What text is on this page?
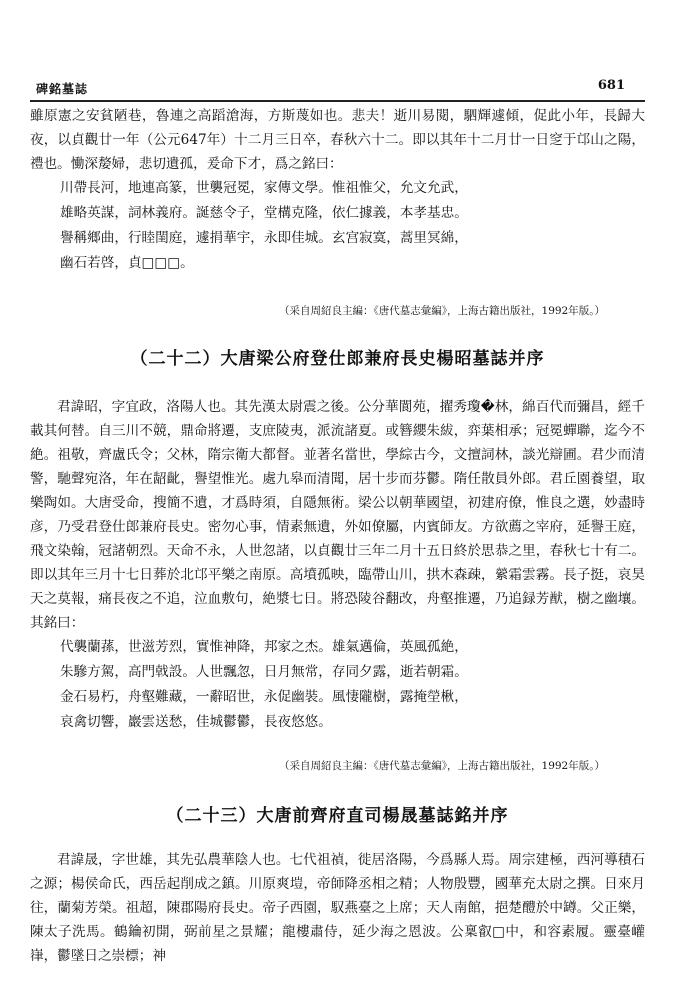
碑銘墓誌	681

雖原憲之安貧陋巷，魯連之高蹈滄海，方斯蔑如也。悲夫！逝川易閱，駟輝遽傾，促此小年，長歸大夜，以貞觀廿一年（公元647年）十二月三日卒，春秋六十二。即以其年十二月廿一日窆于邙山之陽，禮也。慟深嫠婦，悲切遺孤，爰命下才，爲之銘曰：

川帶長河，地連高篆，世襲冠冕，家傳文學。惟祖惟父，允文允武，
雄略英謀，詞林義府。誕慈令子，堂構克隆，依仁據義，本孝基忠。
譽稱鄉曲，行睦閨庭，遽捐華宇，永即佳城。玄宫寂寞，蒿里冥綿，
幽石若啓，貞□□□。

（采自周紹良主編：《唐代墓志彙編》，上海古籍出版社，1992年版。）

（二十二）大唐梁公府登仕郎兼府長史楊昭墓誌并序

君諱昭，字宜政，洛陽人也。其先漢太尉震之後。公分華閬苑，擢秀瓊�林，綿百代而彌昌，經千載其何替。自三川不競，鼎命將遷，支庶陵夷，派流諸夏。或簪纓朱紱，弈葉相承；冠冕蟬聯，迄今不絶。祖敬，齊盧氏令；父林，隋宗衛大都督。並著名當世，學綜古今，文擅詞林，談光辯圃。君少而清警，馳聲宛洛，年在龆齔，譽望惟光。處九皋而清聞，居十步而芬鬱。隋任散員外郎。君丘園養望，取樂陶如。大唐受命，搜簡不遺，才爲時須，自隱無術。梁公以朝華國望，初建府僚，惟良之選，妙盡時彦，乃受君登仕郎兼府長史。密勿心事，情素無遺，外如僚屬，内賓師友。方欲薦之宰府，延譽王庭，飛文染翰，冠諸朝烈。天命不永，人世忽諸，以貞觀廿三年二月十五日終於思恭之里，春秋七十有二。即以其年三月十七日葬於北邙平樂之南原。高墳孤映，臨帶山川，拱木森疎，縈霜雲霧。長子挺，哀昊天之莫報，痛長夜之不追，泣血敷句，絶漿七日。將恐陵谷翻改，舟壑推遷，乃追録芳猷，樹之幽壤。其銘曰：

代襲蘭蓀，世滋芳烈，實惟神降，邦家之杰。雄氣邁倫，英風孤絶，
朱驂方駕，高門戟設。人世飄忽，日月無常，存同夕露，逝若朝霜。
金石易朽，舟壑難藏，一辭昭世，永促幽裝。風悽隴樹，露掩塋楸，
哀禽切響，巖雲送愁，佳城鬱鬱，長夜悠悠。

（采自周紹良主編：《唐代墓志彙編》，上海古籍出版社，1992年版。）

（二十三）大唐前齊府直司楊晟墓誌銘并序

君諱晟，字世雄，其先弘農華陰人也。七代祖禎，徙居洛陽，今爲縣人焉。周宗建極，西河導積石之源；楊侯命氏，西岳起削成之鎮。川原爽塏，帝師降丞相之精；人物殷豐，國華充太尉之撰。日來月往，蘭菊芳榮。祖超，陳郡陽府長史。帝子西園，馭燕臺之上席；天人南館，挹楚醴於中罇。父正樂，陳太子洗馬。鶴鑰初開，弼前星之景耀；龍樓肅侍，延少海之恩波。公稟叡□中，和容素履。靈臺巏嵂，鬱墜日之崇標；神
